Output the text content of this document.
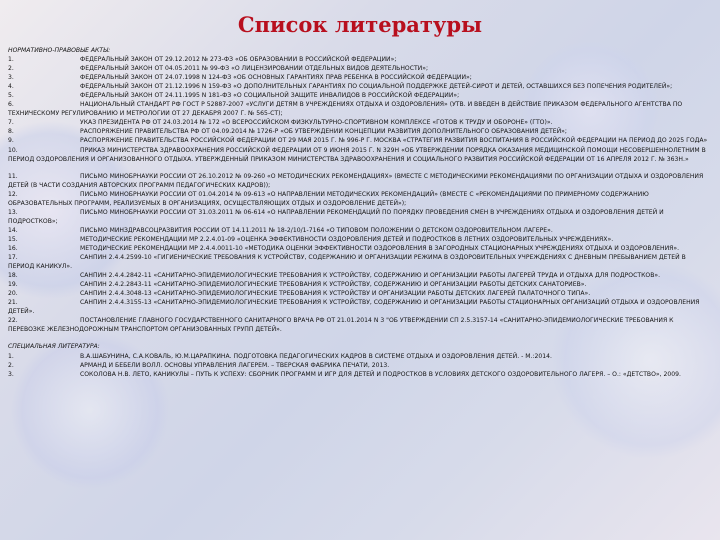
Список литературы

НОРМАТИВНО-ПРАВОВЫЕ АКТЫ:

1.	ФЕДЕРАЛЬНЫЙ ЗАКОН ОТ 29.12.2012 № 273-ФЗ «ОБ ОБРАЗОВАНИИ В РОССИЙСКОЙ ФЕДЕРАЦИИ»;

2.	ФЕДЕРАЛЬНЫЙ ЗАКОН ОТ 04.05.2011 № 99-ФЗ «О ЛИЦЕНЗИРОВАНИИ ОТДЕЛЬНЫХ ВИДОВ ДЕЯТЕЛЬНОСТИ»;

3.	ФЕДЕРАЛЬНЫЙ ЗАКОН ОТ 24.07.1998 N 124-ФЗ «ОБ ОСНОВНЫХ ГАРАНТИЯХ ПРАВ РЕБЕНКА В РОССИЙСКОЙ ФЕДЕРАЦИИ»;

4.	ФЕДЕРАЛЬНЫЙ ЗАКОН ОТ 21.12.1996 N 159-ФЗ «О ДОПОЛНИТЕЛЬНЫХ ГАРАНТИЯХ ПО СОЦИАЛЬНОЙ ПОДДЕРЖКЕ ДЕТЕЙ-СИРОТ И ДЕТЕЙ, ОСТАВШИХСЯ БЕЗ ПОПЕЧЕНИЯ РОДИТЕЛЕЙ»;

5.	ФЕДЕРАЛЬНЫЙ ЗАКОН ОТ 24.11.1995 N 181-ФЗ «О СОЦИАЛЬНОЙ ЗАЩИТЕ ИНВАЛИДОВ В РОССИЙСКОЙ ФЕДЕРАЦИИ»;

6.	НАЦИОНАЛЬНЫЙ СТАНДАРТ РФ ГОСТ Р 52887-2007 «УСЛУГИ ДЕТЯМ В УЧРЕЖДЕНИЯХ ОТДЫХА И ОЗДОРОВЛЕНИЯ» (УТВ. И ВВЕДЕН В ДЕЙСТВИЕ ПРИКАЗОМ ФЕДЕРАЛЬНОГО АГЕНТСТВА ПО ТЕХНИЧЕСКОМУ РЕГУЛИРОВАНИЮ И МЕТРОЛОГИИ ОТ 27 ДЕКАБРЯ 2007 Г. № 565-СТ);

7.	УКАЗ ПРЕЗИДЕНТА РФ ОТ 24.03.2014 № 172 «О ВСЕРОССИЙСКОМ ФИЗКУЛЬТУРНО-СПОРТИВНОМ КОМПЛЕКСЕ «ГОТОВ К ТРУДУ И ОБОРОНЕ» (ГТО)».

8.	РАСПОРЯЖЕНИЕ ПРАВИТЕЛЬСТВА РФ ОТ 04.09.2014 № 1726-Р «ОБ УТВЕРЖДЕНИИ КОНЦЕПЦИИ РАЗВИТИЯ ДОПОЛНИТЕЛЬНОГО ОБРАЗОВАНИЯ ДЕТЕЙ»;

9.	РАСПОРЯЖЕНИЕ ПРАВИТЕЛЬСТВА РОССИЙСКОЙ ФЕДЕРАЦИИ ОТ 29 МАЯ 2015 Г. № 996-Р Г. МОСКВА «СТРАТЕГИЯ РАЗВИТИЯ ВОСПИТАНИЯ В РОССИЙСКОЙ ФЕДЕРАЦИИ НА ПЕРИОД ДО 2025 ГОДА»

10.	ПРИКАЗ МИНИСТЕРСТВА ЗДРАВООХРАНЕНИЯ РОССИЙСКОЙ ФЕДЕРАЦИИ ОТ 9 ИЮНЯ 2015 Г. N 329Н «ОБ УТВЕРЖДЕНИИ ПОРЯДКА ОКАЗАНИЯ МЕДИЦИНСКОЙ ПОМОЩИ НЕСОВЕРШЕННОЛЕТНИМ В ПЕРИОД ОЗДОРОВЛЕНИЯ И ОРГАНИЗОВАННОГО ОТДЫХА. УТВЕРЖДЕННЫЙ ПРИКАЗОМ МИНИСТЕРСТВА ЗДРАВООХРАНЕНИЯ И СОЦИАЛЬНОГО РАЗВИТИЯ РОССИЙСКОЙ ФЕДЕРАЦИИ ОТ 16 АПРЕЛЯ 2012 Г. № 363Н.»

11.	ПИСЬМО МИНОБРНАУКИ РОССИИ ОТ 26.10.2012 № 09-260 «О МЕТОДИЧЕСКИХ РЕКОМЕНДАЦИЯХ» (ВМЕСТЕ С МЕТОДИЧЕСКИМИ РЕКОМЕНДАЦИЯМИ ПО ОРГАНИЗАЦИИ ОТДЫХА И ОЗДОРОВЛЕНИЯ ДЕТЕЙ (В ЧАСТИ СОЗДАНИЯ АВТОРСКИХ ПРОГРАММ ПЕДАГОГИЧЕСКИХ КАДРОВ));

12.	ПИСЬМО МИНОБРНАУКИ РОССИИ ОТ 01.04.2014 № 09-613 «О НАПРАВЛЕНИИ МЕТОДИЧЕСКИХ РЕКОМЕНДАЦИЙ» (ВМЕСТЕ С «РЕКОМЕНДАЦИЯМИ ПО ПРИМЕРНОМУ СОДЕРЖАНИЮ ОБРАЗОВАТЕЛЬНЫХ ПРОГРАММ, РЕАЛИЗУЕМЫХ В ОРГАНИЗАЦИЯХ, ОСУЩЕСТВЛЯЮЩИХ ОТДЫХ И ОЗДОРОВЛЕНИЕ ДЕТЕЙ»);

13.	ПИСЬМО МИНОБРНАУКИ РОССИИ ОТ 31.03.2011 № 06-614 «О НАПРАВЛЕНИИ РЕКОМЕНДАЦИЙ ПО ПОРЯДКУ ПРОВЕДЕНИЯ СМЕН В УЧРЕЖДЕНИЯХ ОТДЫХА И ОЗДОРОВЛЕНИЯ ДЕТЕЙ И ПОДРОСТКОВ»;

14.	ПИСЬМО МИНЗДРАВСОЦРАЗВИТИЯ РОССИИ ОТ 14.11.2011 № 18-2/10/1-7164 «О ТИПОВОМ ПОЛОЖЕНИИ О ДЕТСКОМ ОЗДОРОВИТЕЛЬНОМ ЛАГЕРЕ».

15.	МЕТОДИЧЕСКИЕ РЕКОМЕНДАЦИИ МР 2.2.4.01-09 «ОЦЕНКА ЭФФЕКТИВНОСТИ ОЗДОРОВЛЕНИЯ ДЕТЕЙ И ПОДРОСТКОВ В ЛЕТНИХ ОЗДОРОВИТЕЛЬНЫХ УЧРЕЖДЕНИЯХ».

16.	МЕТОДИЧЕСКИЕ РЕКОМЕНДАЦИИ МР 2.4.4.0011-10 «МЕТОДИКА ОЦЕНКИ ЭФФЕКТИВНОСТИ ОЗДОРОВЛЕНИЯ В ЗАГОРОДНЫХ СТАЦИОНАРНЫХ УЧРЕЖДЕНИЯХ ОТДЫХА И ОЗДОРОВЛЕНИЯ».

17.	САНПИН 2.4.4.2599-10 «ГИГИЕНИЧЕСКИЕ ТРЕБОВАНИЯ К УСТРОЙСТВУ, СОДЕРЖАНИЮ И ОРГАНИЗАЦИИ РЕЖИМА В ОЗДОРОВИТЕЛЬНЫХ УЧРЕЖДЕНИЯХ С ДНЕВНЫМ ПРЕБЫВАНИЕМ ДЕТЕЙ В ПЕРИОД КАНИКУЛ».

18.	САНПИН 2.4.4.2842-11 «САНИТАРНО-ЭПИДЕМИОЛОГИЧЕСКИЕ ТРЕБОВАНИЯ К УСТРОЙСТВУ, СОДЕРЖАНИЮ И ОРГАНИЗАЦИИ РАБОТЫ ЛАГЕРЕЙ ТРУДА И ОТДЫХА ДЛЯ ПОДРОСТКОВ».

19.	САНПИН 2.4.2.2843-11 «САНИТАРНО-ЭПИДЕМИОЛОГИЧЕСКИЕ ТРЕБОВАНИЯ К УСТРОЙСТВУ, СОДЕРЖАНИЮ И ОРГАНИЗАЦИИ РАБОТЫ ДЕТСКИХ САНАТОРИЕВ».

20.	САНПИН 2.4.4.3048-13 «САНИТАРНО-ЭПИДЕМИОЛОГИЧЕСКИЕ ТРЕБОВАНИЯ К УСТРОЙСТВУ И ОРГАНИЗАЦИИ РАБОТЫ ДЕТСКИХ ЛАГЕРЕЙ ПАЛАТОЧНОГО ТИПА».

21.	САНПИН 2.4.4.3155-13 «САНИТАРНО-ЭПИДЕМИОЛОГИЧЕСКИЕ ТРЕБОВАНИЯ К УСТРОЙСТВУ, СОДЕРЖАНИЮ И ОРГАНИЗАЦИИ РАБОТЫ СТАЦИОНАРНЫХ ОРГАНИЗАЦИЙ ОТДЫХА И ОЗДОРОВЛЕНИЯ ДЕТЕЙ».

22.	ПОСТАНОВЛЕНИЕ ГЛАВНОГО ГОСУДАРСТВЕННОГО САНИТАРНОГО ВРАЧА РФ ОТ 21.01.2014 N 3 "ОБ УТВЕРЖДЕНИИ СП 2.5.3157-14 «САНИТАРНО-ЭПИДЕМИОЛОГИЧЕСКИЕ ТРЕБОВАНИЯ К ПЕРЕВОЗКЕ ЖЕЛЕЗНОДОРОЖНЫМ ТРАНСПОРТОМ ОРГАНИЗОВАННЫХ ГРУПП ДЕТЕЙ».

СПЕЦИАЛЬНАЯ ЛИТЕРАТУРА:

1.	В.А.ШАБУНИНА, С.А.КОВАЛЬ, Ю.М.ЦАРАПКИНА. ПОДГОТОВКА ПЕДАГОГИЧЕСКИХ КАДРОВ В СИСТЕМЕ ОТДЫХА И ОЗДОРОВЛЕНИЯ ДЕТЕЙ. - М.:2014.

2.	АРМАНД И БЕБЕЛИ ВОЛЛ. ОСНОВЫ УПРАВЛЕНИЯ ЛАГЕРЕМ. – ТВЕРСКАЯ ФАБРИКА ПЕЧАТИ, 2013.

3.	СОКОЛОВА Н.В. ЛЕТО, КАНИКУЛЫ – ПУТЬ К УСПЕХУ: СБОРНИК ПРОГРАММ И ИГР ДЛЯ ДЕТЕЙ И ПОДРОСТКОВ В УСЛОВИЯХ ДЕТСКОГО ОЗДОРОВИТЕЛЬНОГО ЛАГЕРЯ. – О.: «ДЕТСТВО», 2009.
